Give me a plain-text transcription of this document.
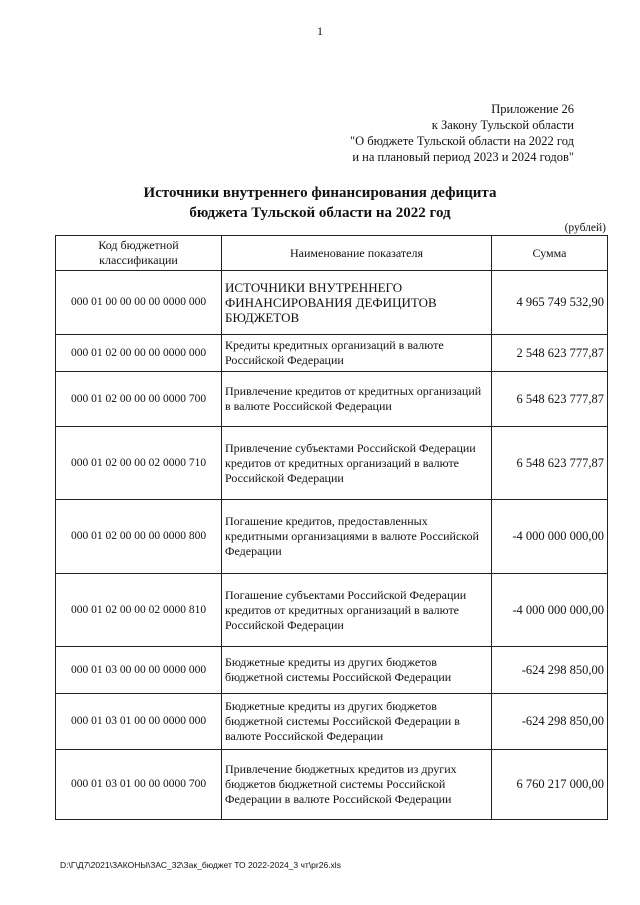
1
Приложение 26
к Закону Тульской области
"О бюджете Тульской области на 2022 год
и на плановый период 2023 и 2024 годов"
Источники внутреннего финансирования дефицита
бюджета Тульской области на 2022 год
(рублей)
Код бюджетной классификации	Наименование показателя	Сумма
000 01 00 00 00 00 0000 000	ИСТОЧНИКИ ВНУТРЕННЕГО ФИНАНСИРОВАНИЯ ДЕФИЦИТОВ БЮДЖЕТОВ	4 965 749 532,90
000 01 02 00 00 00 0000 000	Кредиты кредитных организаций в валюте Российской Федерации	2 548 623 777,87
000 01 02 00 00 00 0000 700	Привлечение кредитов от кредитных организаций в валюте Российской Федерации	6 548 623 777,87
000 01 02 00 00 02 0000 710	Привлечение субъектами Российской Федерации кредитов от кредитных организаций в валюте Российской Федерации	6 548 623 777,87
000 01 02 00 00 00 0000 800	Погашение кредитов, предоставленных кредитными организациями в валюте Российской Федерации	-4 000 000 000,00
000 01 02 00 00 02 0000 810	Погашение субъектами Российской Федерации кредитов от кредитных организаций в валюте Российской Федерации	-4 000 000 000,00
000 01 03 00 00 00 0000 000	Бюджетные кредиты из других бюджетов бюджетной системы Российской Федерации	-624 298 850,00
000 01 03 01 00 00 0000 000	Бюджетные кредиты из других бюджетов бюджетной системы Российской Федерации в валюте Российской Федерации	-624 298 850,00
000 01 03 01 00 00 0000 700	Привлечение бюджетных кредитов из других бюджетов бюджетной системы Российской Федерации в валюте Российской Федерации	6 760 217 000,00
D:\Г\Д7\2021\ЗАКОНЫ\ЗАС_32\Зак_бюджет ТО 2022-2024_3 чт\pr26.xls
